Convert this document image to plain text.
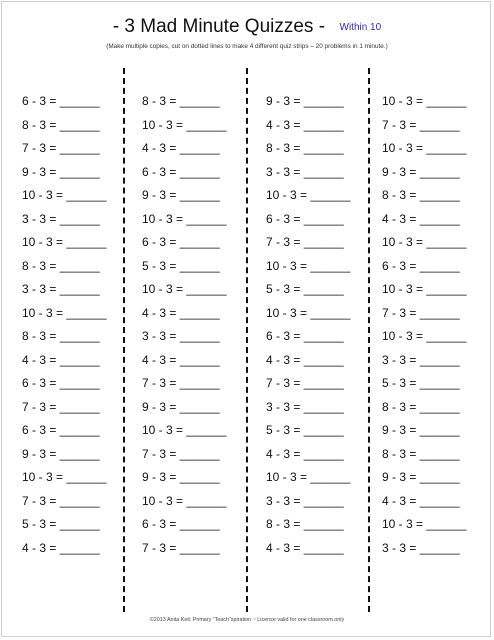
- 3 Mad Minute Quizzes - Within 10
(Make multiple copies, cut on dotted lines to make 4 different quiz strips – 20 problems in 1 minute.)
6 - 3 = ______
8 - 3 = ______
7 - 3 = ______
9 - 3 = ______
10 - 3 = ______
3 - 3 = ______
10 - 3 = ______
8 - 3 = ______
3 - 3 = ______
10 - 3 = ______
8 - 3 = ______
4 - 3 = ______
6 - 3 = ______
7 - 3 = ______
6 - 3 = ______
9 - 3 = ______
10 - 3 = ______
7 - 3 = ______
5 - 3 = ______
4 - 3 = ______
8 - 3 = ______
10 - 3 = ______
4 - 3 = ______
6 - 3 = ______
9 - 3 = ______
10 - 3 = ______
6 - 3 = ______
5 - 3 = ______
10 - 3 = ______
4 - 3 = ______
3 - 3 = ______
4 - 3 = ______
7 - 3 = ______
9 - 3 = ______
10 - 3 = ______
7 - 3 = ______
9 - 3 = ______
10 - 3 = ______
6 - 3 = ______
7 - 3 = ______
9 - 3 = ______
4 - 3 = ______
8 - 3 = ______
3 - 3 = ______
10 - 3 = ______
6 - 3 = ______
7 - 3 = ______
10 - 3 = ______
5 - 3 = ______
10 - 3 = ______
6 - 3 = ______
4 - 3 = ______
7 - 3 = ______
3 - 3 = ______
5 - 3 = ______
4 - 3 = ______
10 - 3 = ______
3 - 3 = ______
8 - 3 = ______
4 - 3 = ______
10 - 3 = ______
7 - 3 = ______
10 - 3 = ______
9 - 3 = ______
8 - 3 = ______
4 - 3 = ______
10 - 3 = ______
6 - 3 = ______
10 - 3 = ______
7 - 3 = ______
10 - 3 = ______
3 - 3 = ______
5 - 3 = ______
8 - 3 = ______
9 - 3 = ______
8 - 3 = ______
9 - 3 = ______
4 - 3 = ______
10 - 3 = ______
3 - 3 = ______
©2013 Anita Keil: Primary “Teach”spiration ~ License valid for one classroom only
